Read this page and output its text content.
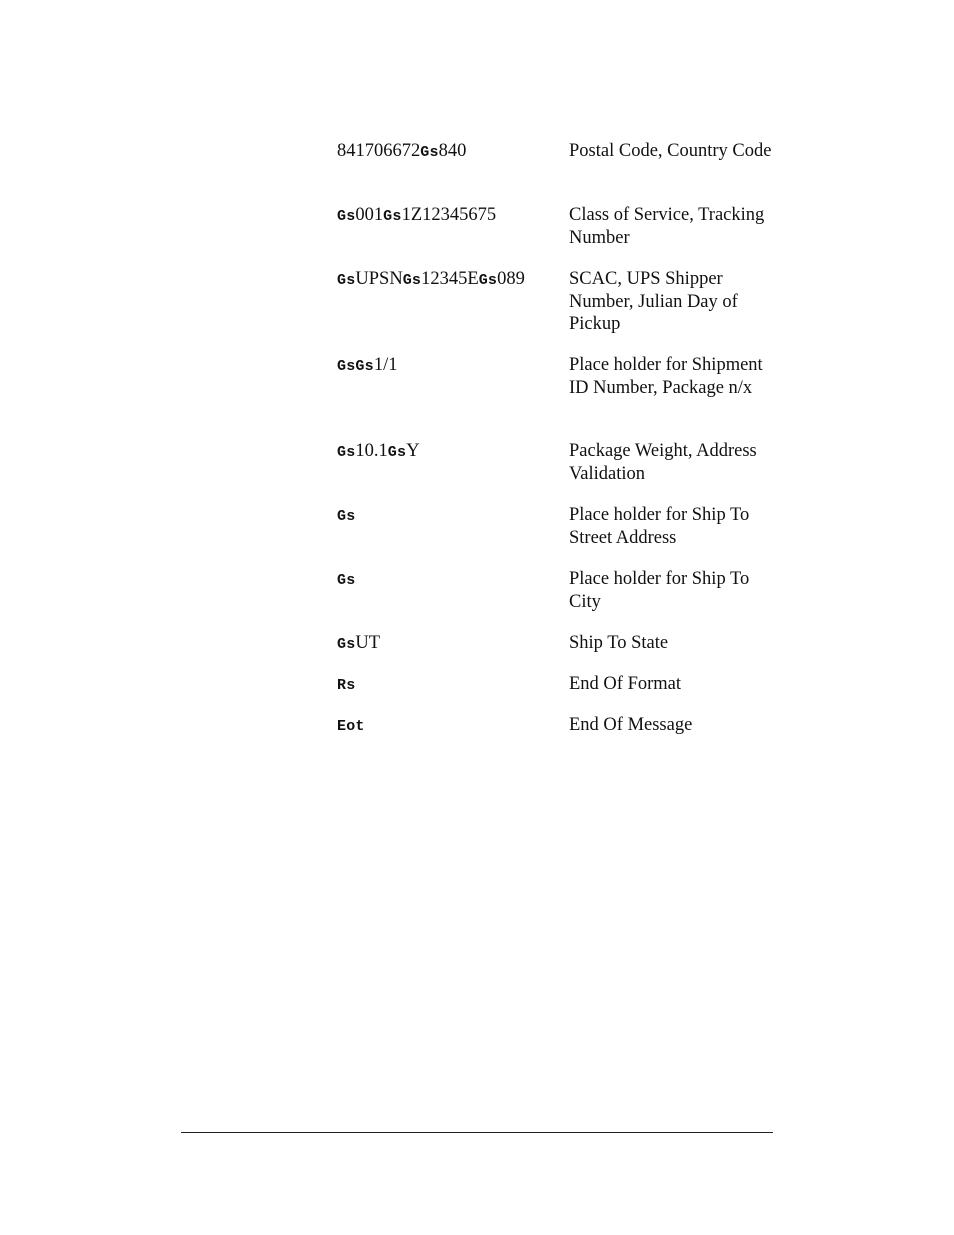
841706672Gs840	Postal Code, Country Code
Gs001Gs1Z12345675	Class of Service, Tracking Number
GsUPSNGs12345EGs089	SCAC, UPS Shipper Number, Julian Day of Pickup
GsGs1/1	Place holder for Shipment ID Number, Package n/x
Gs10.1GsY	Package Weight, Address Validation
Gs	Place holder for Ship To Street Address
Gs	Place holder for Ship To City
GsUT	Ship To State
Rs	End Of Format
Eot	End Of Message
